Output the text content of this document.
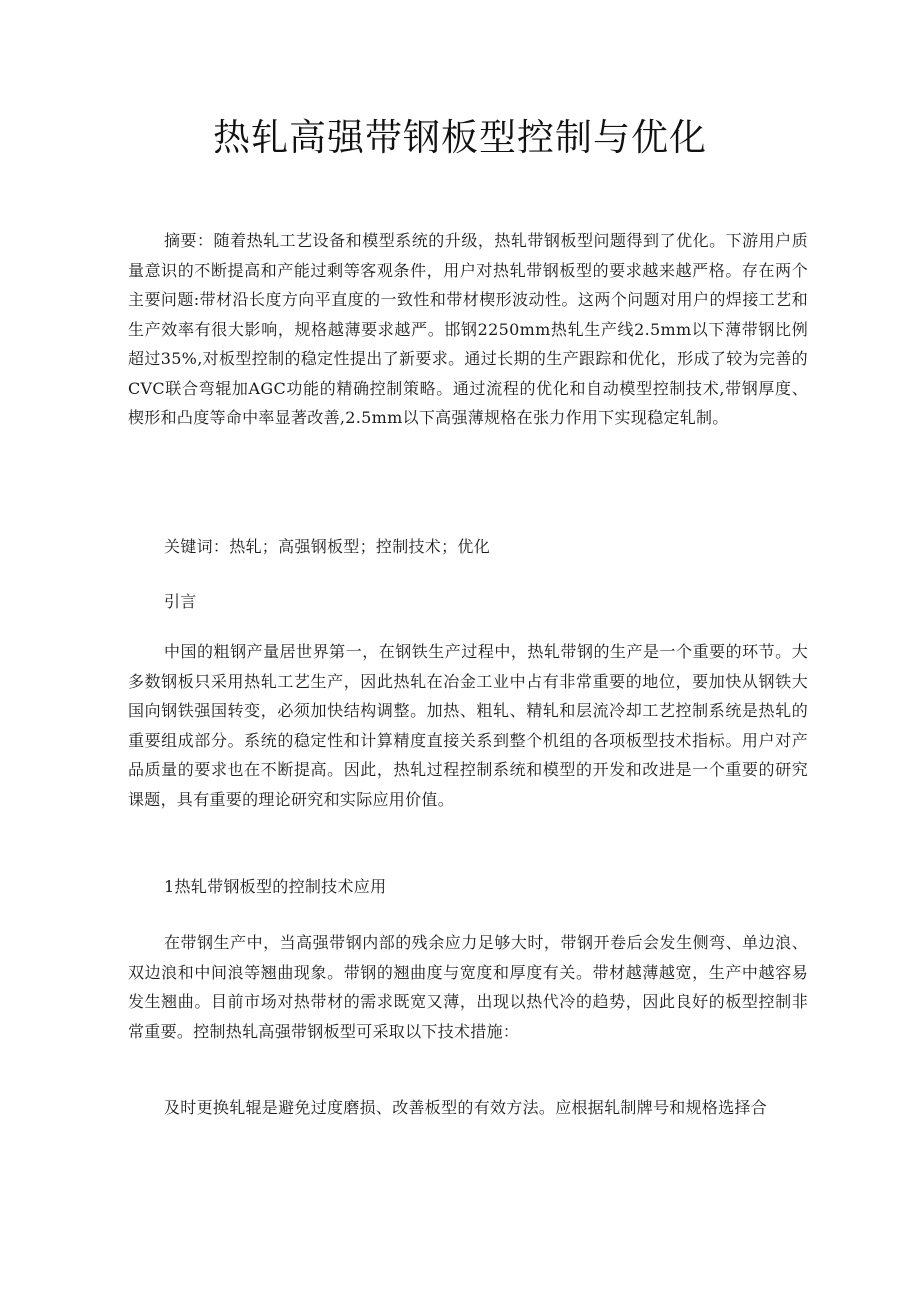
热轧高强带钢板型控制与优化

摘要：随着热轧工艺设备和模型系统的升级，热轧带钢板型问题得到了优化。下游用户质量意识的不断提高和产能过剩等客观条件，用户对热轧带钢板型的要求越来越严格。存在两个主要问题:带材沿长度方向平直度的一致性和带材楔形波动性。这两个问题对用户的焊接工艺和生产效率有很大影响，规格越薄要求越严。邯钢2250mm热轧生产线2.5mm以下薄带钢比例超过35%,对板型控制的稳定性提出了新要求。通过长期的生产跟踪和优化，形成了较为完善的CVC联合弯辊加AGC功能的精确控制策略。通过流程的优化和自动模型控制技术,带钢厚度、楔形和凸度等命中率显著改善,2.5mm以下高强薄规格在张力作用下实现稳定轧制。

关键词：热轧；高强钢板型；控制技术；优化

引言

中国的粗钢产量居世界第一，在钢铁生产过程中，热轧带钢的生产是一个重要的环节。大多数钢板只采用热轧工艺生产，因此热轧在冶金工业中占有非常重要的地位，要加快从钢铁大国向钢铁强国转变，必须加快结构调整。加热、粗轧、精轧和层流冷却工艺控制系统是热轧的重要组成部分。系统的稳定性和计算精度直接关系到整个机组的各项板型技术指标。用户对产品质量的要求也在不断提高。因此，热轧过程控制系统和模型的开发和改进是一个重要的研究课题，具有重要的理论研究和实际应用价值。

1热轧带钢板型的控制技术应用

在带钢生产中，当高强带钢内部的残余应力足够大时，带钢开卷后会发生侧弯、单边浪、双边浪和中间浪等翘曲现象。带钢的翘曲度与宽度和厚度有关。带材越薄越宽，生产中越容易发生翘曲。目前市场对热带材的需求既宽又薄，出现以热代冷的趋势，因此良好的板型控制非常重要。控制热轧高强带钢板型可采取以下技术措施：

及时更换轧辊是避免过度磨损、改善板型的有效方法。应根据轧制牌号和规格选择合
